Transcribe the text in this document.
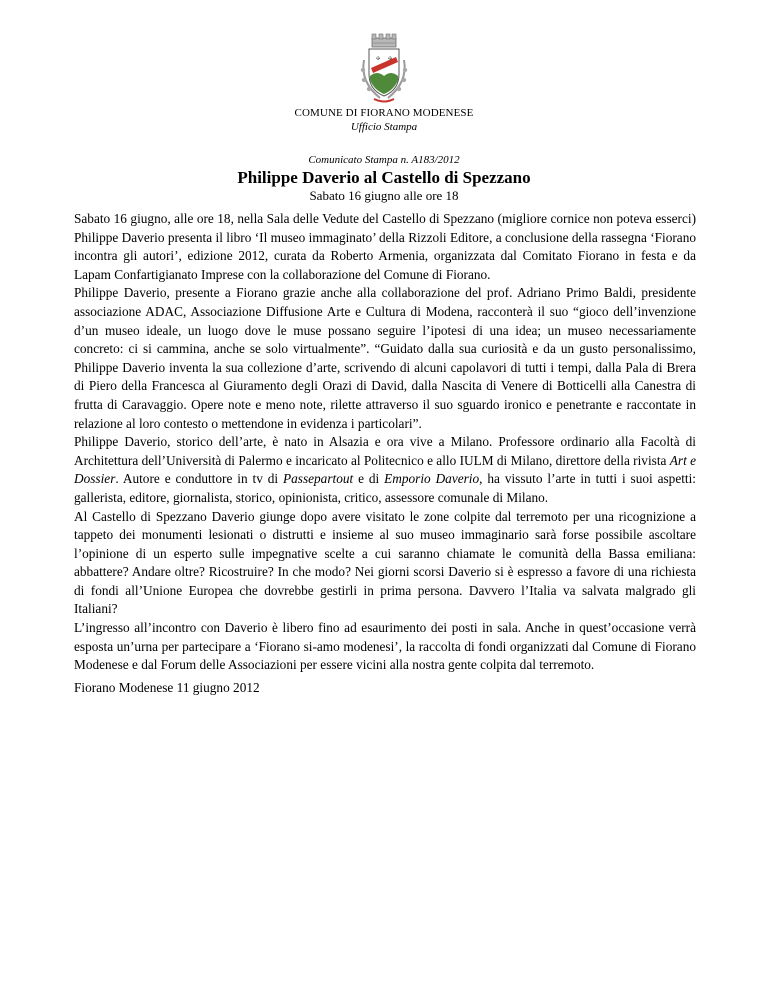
✣ ✣
COMUNE DI FIORANO MODENESE
Ufficio Stampa
Comunicato Stampa n. A183/2012
Philippe Daverio al Castello di Spezzano
Sabato 16 giugno alle ore 18

Sabato 16 giugno, alle ore 18, nella Sala delle Vedute del Castello di Spezzano (migliore cornice non poteva esserci) Philippe Daverio presenta il libro ‘Il museo immaginato’ della Rizzoli Editore, a conclusione della rassegna ‘Fiorano incontra gli autori’, edizione 2012, curata da Roberto Armenia, organizzata dal Comitato Fiorano in festa e da Lapam Confartigianato Imprese con la collaborazione del Comune di Fiorano.

Philippe Daverio, presente a Fiorano grazie anche alla collaborazione del prof. Adriano Primo Baldi, presidente associazione ADAC, Associazione Diffusione Arte e Cultura di Modena, racconterà il suo “gioco dell’invenzione d’un museo ideale, un luogo dove le muse possano seguire l’ipotesi di una idea; un museo necessariamente concreto: ci si cammina, anche se solo virtualmente”. “Guidato dalla sua curiosità e da un gusto personalissimo, Philippe Daverio inventa la sua collezione d’arte, scrivendo di alcuni capolavori di tutti i tempi, dalla Pala di Brera di Piero della Francesca al Giuramento degli Orazi di David, dalla Nascita di Venere di Botticelli alla Canestra di frutta di Caravaggio. Opere note e meno note, rilette attraverso il suo sguardo ironico e penetrante e raccontate in relazione al loro contesto o mettendone in evidenza i particolari”.

Philippe Daverio, storico dell’arte, è nato in Alsazia e ora vive a Milano. Professore ordinario alla Facoltà di Architettura dell’Università di Palermo e incaricato al Politecnico e allo IULM di Milano, direttore della rivista Art e Dossier. Autore e conduttore in tv di Passepartout e di Emporio Daverio, ha vissuto l’arte in tutti i suoi aspetti: gallerista, editore, giornalista, storico, opinionista, critico, assessore comunale di Milano.

Al Castello di Spezzano Daverio giunge dopo avere visitato le zone colpite dal terremoto per una ricognizione a tappeto dei monumenti lesionati o distrutti e insieme al suo museo immaginario sarà forse possibile ascoltare l’opinione di un esperto sulle impegnative scelte a cui saranno chiamate le comunità della Bassa emiliana: abbattere? Andare oltre? Ricostruire? In che modo? Nei giorni scorsi Daverio si è espresso a favore di una richiesta di fondi all’Unione Europea che dovrebbe gestirli in prima persona. Davvero l’Italia va salvata malgrado gli Italiani?

L’ingresso all’incontro con Daverio è libero fino ad esaurimento dei posti in sala. Anche in quest’occasione verrà esposta un’urna per partecipare a ‘Fiorano si-amo modenesi’, la raccolta di fondi organizzati dal Comune di Fiorano Modenese e dal Forum delle Associazioni per essere vicini alla nostra gente colpita dal terremoto.

Fiorano Modenese 11 giugno 2012
